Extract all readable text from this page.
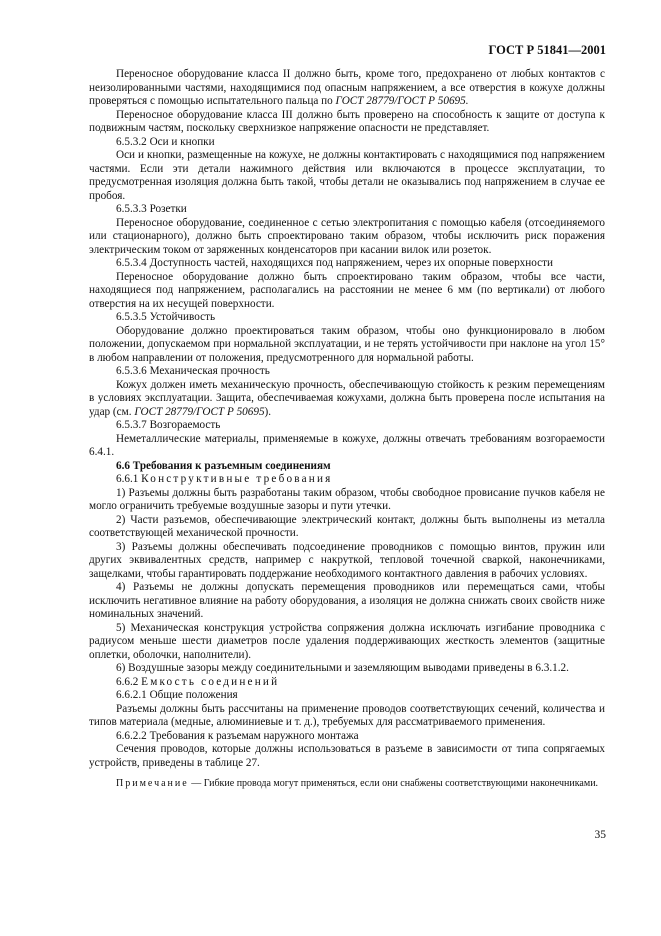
ГОСТ Р 51841—2001

Переносное оборудование класса II должно быть, кроме того, предохранено от любых контактов с неизолированными частями, находящимися под опасным напряжением, а все отверстия в кожухе должны проверяться с помощью испытательного пальца по ГОСТ 28779/ГОСТ Р 50695.

Переносное оборудование класса III должно быть проверено на способность к защите от доступа к подвижным частям, поскольку сверхнизкое напряжение опасности не представляет.

6.5.3.2 Оси и кнопки

Оси и кнопки, размещенные на кожухе, не должны контактировать с находящимися под напряжением частями. Если эти детали нажимного действия или включаются в процессе эксплуатации, то предусмотренная изоляция должна быть такой, чтобы детали не оказывались под напряжением в случае ее пробоя.

6.5.3.3 Розетки

Переносное оборудование, соединенное с сетью электропитания с помощью кабеля (отсоединяемого или стационарного), должно быть спроектировано таким образом, чтобы исключить риск поражения электрическим током от заряженных конденсаторов при касании вилок или розеток.

6.5.3.4 Доступность частей, находящихся под напряжением, через их опорные поверхности

Переносное оборудование должно быть спроектировано таким образом, чтобы все части, находящиеся под напряжением, располагались на расстоянии не менее 6 мм (по вертикали) от любого отверстия на их несущей поверхности.

6.5.3.5 Устойчивость

Оборудование должно проектироваться таким образом, чтобы оно функционировало в любом положении, допускаемом при нормальной эксплуатации, и не терять устойчивости при наклоне на угол 15° в любом направлении от положения, предусмотренного для нормальной работы.

6.5.3.6 Механическая прочность

Кожух должен иметь механическую прочность, обеспечивающую стойкость к резким перемещениям в условиях эксплуатации. Защита, обеспечиваемая кожухами, должна быть проверена после испытания на удар (см. ГОСТ 28779/ГОСТ Р 50695).

6.5.3.7 Возгораемость

Неметаллические материалы, применяемые в кожухе, должны отвечать требованиям возгораемости 6.4.1.

6.6 Требования к разъемным соединениям

6.6.1 Конструктивные требования

1) Разъемы должны быть разработаны таким образом, чтобы свободное провисание пучков кабеля не могло ограничить требуемые воздушные зазоры и пути утечки.

2) Части разъемов, обеспечивающие электрический контакт, должны быть выполнены из металла соответствующей механической прочности.

3) Разъемы должны обеспечивать подсоединение проводников с помощью винтов, пружин или других эквивалентных средств, например с накруткой, тепловой точечной сваркой, наконечниками, защелками, чтобы гарантировать поддержание необходимого контактного давления в рабочих условиях.

4) Разъемы не должны допускать перемещения проводников или перемещаться сами, чтобы исключить негативное влияние на работу оборудования, а изоляция не должна снижать своих свойств ниже номинальных значений.

5) Механическая конструкция устройства сопряжения должна исключать изгибание проводника с радиусом меньше шести диаметров после удаления поддерживающих жесткость элементов (защитные оплетки, оболочки, наполнители).

6) Воздушные зазоры между соединительными и заземляющим выводами приведены в 6.3.1.2.

6.6.2 Емкость соединений

6.6.2.1 Общие положения

Разъемы должны быть рассчитаны на применение проводов соответствующих сечений, количества и типов материала (медные, алюминиевые и т. д.), требуемых для рассматриваемого применения.

6.6.2.2 Требования к разъемам наружного монтажа

Сечения проводов, которые должны использоваться в разъеме в зависимости от типа сопрягаемых устройств, приведены в таблице 27.

Примечание — Гибкие провода могут применяться, если они снабжены соответствующими наконечниками.

35
